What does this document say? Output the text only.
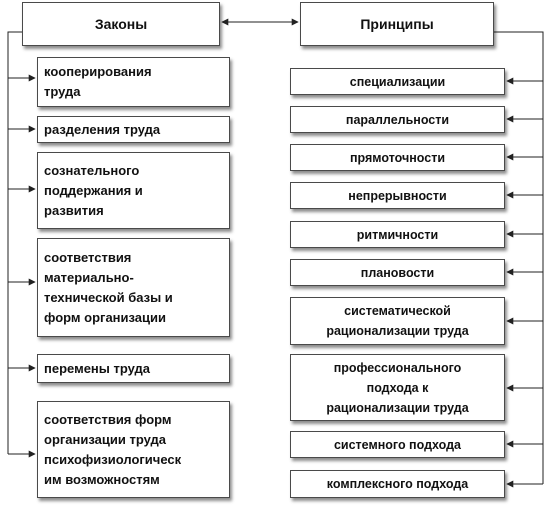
Законы	Принципы
кооперирования
труда
разделения труда
сознательного
поддержания и
развития
соответствия
материально-
технической базы и
форм организации
перемены труда
соответствия форм
организации труда
психофизиологическ
им возможностям
специализации
параллельности
прямоточности
непрерывности
ритмичности
плановости
систематической
рационализации труда
профессионального
подхода к
рационализации труда
системного подхода
комплексного подхода
